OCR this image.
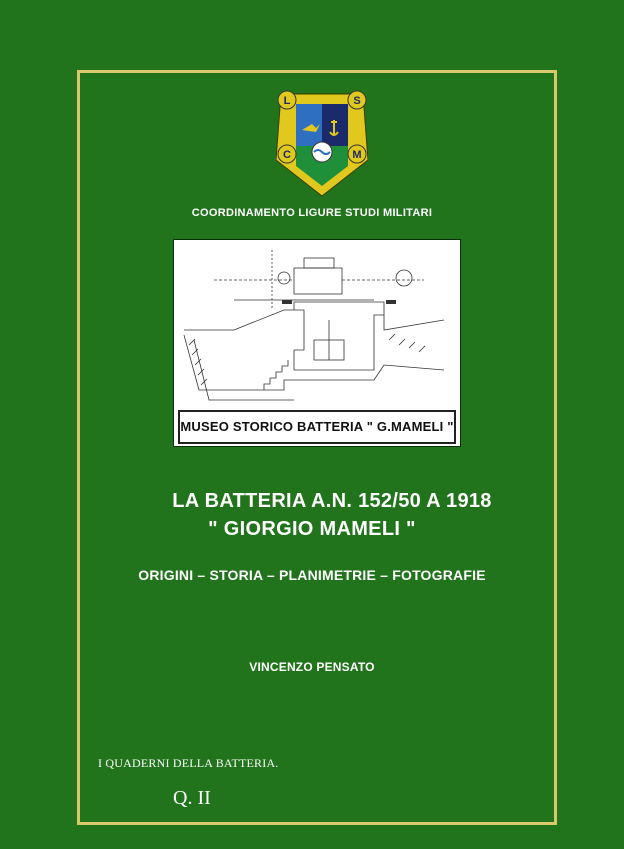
L	S
C	M
COORDINAMENTO LIGURE STUDI MILITARI
MUSEO STORICO BATTERIA " G.MAMELI "
LA BATTERIA A.N. 152/50 A 1918
" GIORGIO MAMELI "
ORIGINI – STORIA – PLANIMETRIE – FOTOGRAFIE
VINCENZO PENSATO
I QUADERNI DELLA BATTERIA.
Q. II
